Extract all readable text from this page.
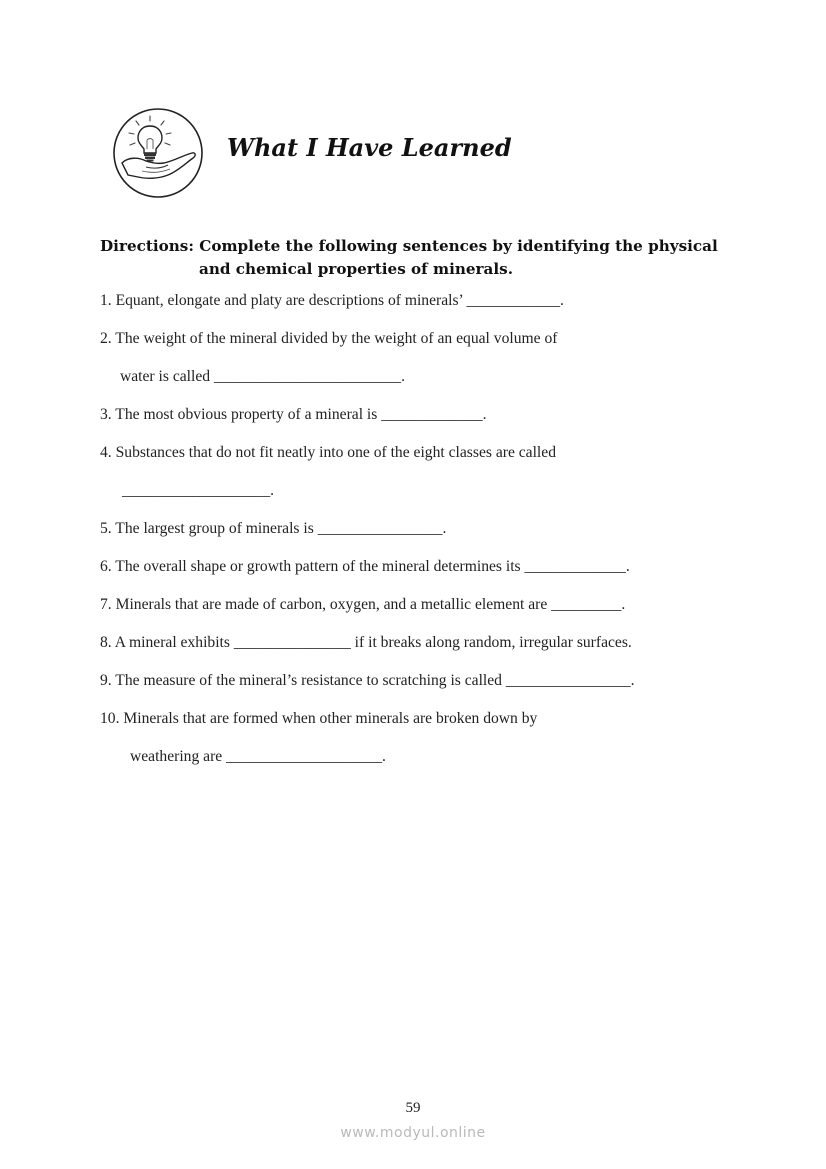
What I Have Learned
Directions: Complete the following sentences by identifying the physical
and chemical properties of minerals.
1. Equant, elongate and platy are descriptions of minerals’ ____________.
2. The weight of the mineral divided by the weight of an equal volume of
water is called ________________________.
3. The most obvious property of a mineral is _____________.
4. Substances that do not fit neatly into one of the eight classes are called
___________________.
5. The largest group of minerals is ________________.
6. The overall shape or growth pattern of the mineral determines its _____________.
7. Minerals that are made of carbon, oxygen, and a metallic element are _________.
8. A mineral exhibits _______________ if it breaks along random, irregular surfaces.
9. The measure of the mineral’s resistance to scratching is called ________________.
10. Minerals that are formed when other minerals are broken down by
weathering are ____________________.
59
www.modyul.online
